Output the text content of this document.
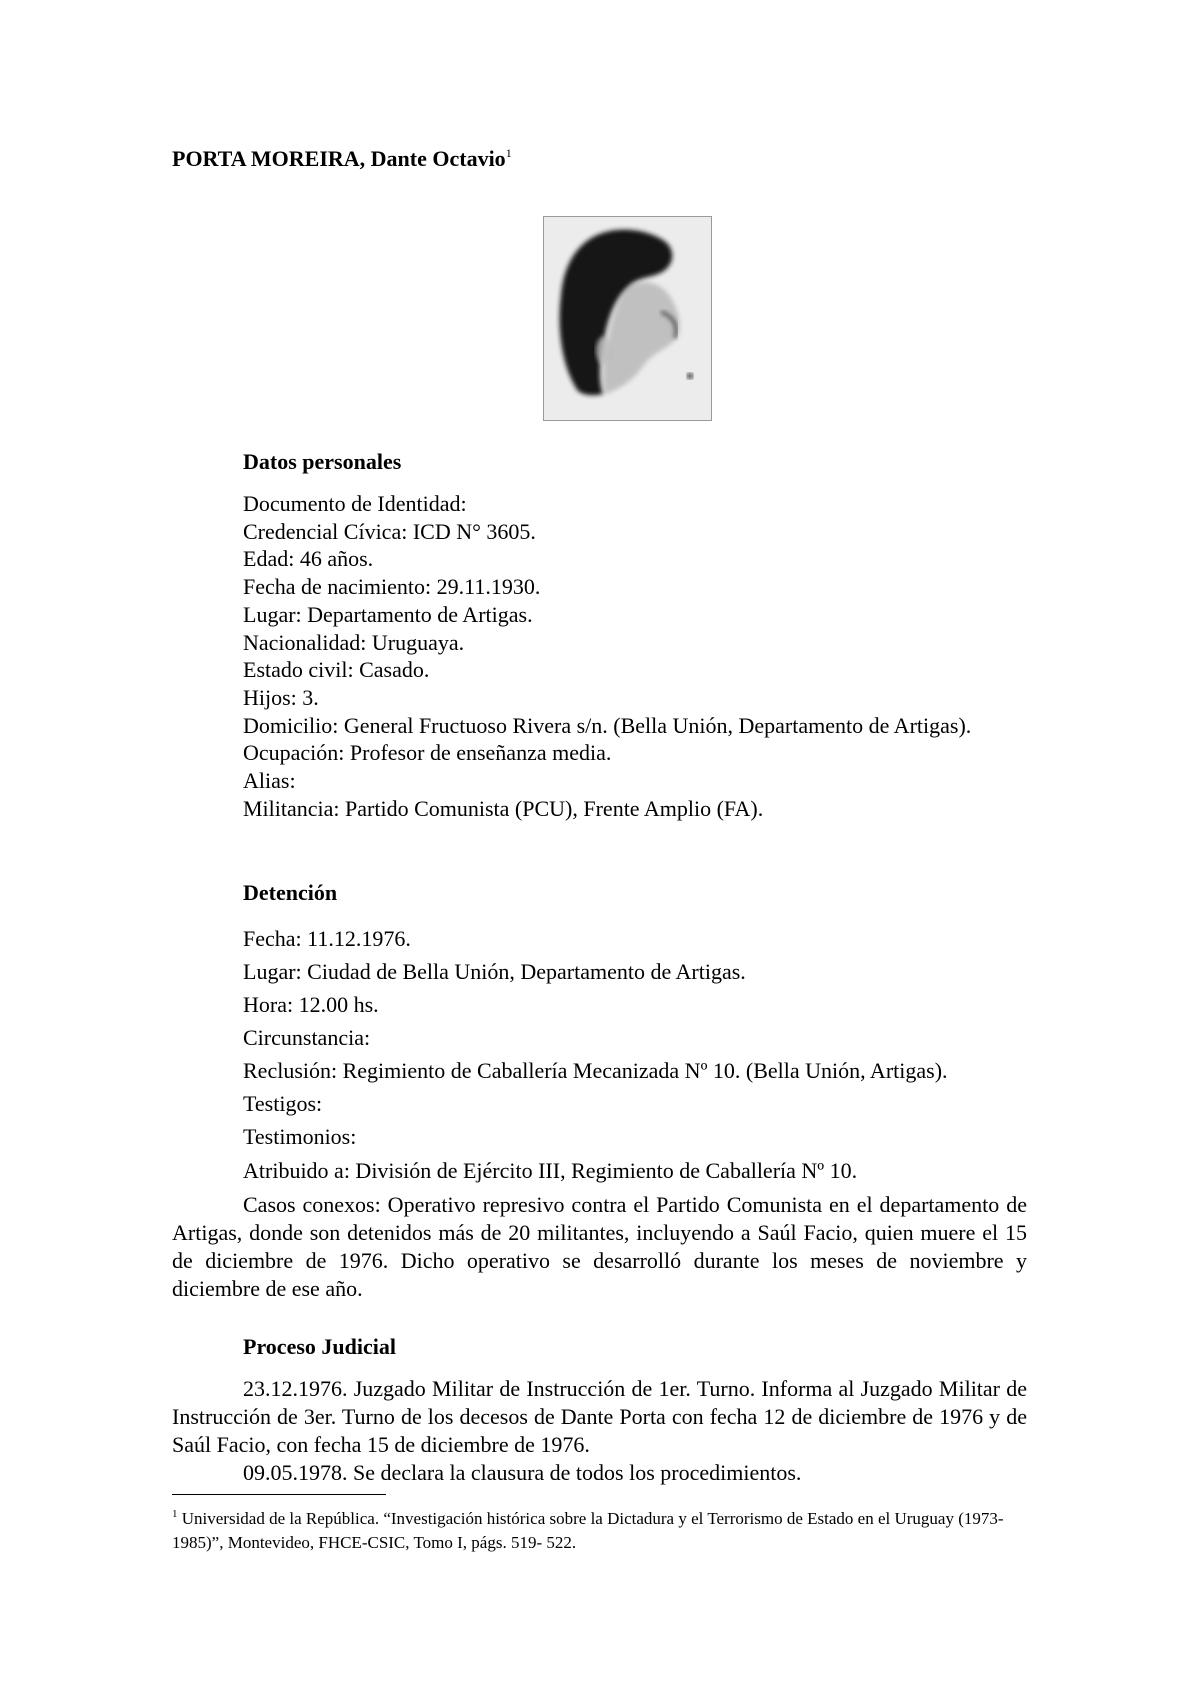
PORTA MOREIRA, Dante Octavio$^1$
Datos personales
Documento de Identidad:
Credencial Cívica: ICD N° 3605.
Edad: 46 años.
Fecha de nacimiento: 29.11.1930.
Lugar: Departamento de Artigas.
Nacionalidad: Uruguaya.
Estado civil: Casado.
Hijos: 3.
Domicilio: General Fructuoso Rivera s/n. (Bella Unión, Departamento de Artigas).
Ocupación: Profesor de enseñanza media.
Alias:
Militancia: Partido Comunista (PCU), Frente Amplio (FA).
Detención
Fecha: 11.12.1976.
Lugar: Ciudad de Bella Unión, Departamento de Artigas.
Hora: 12.00 hs.
Circunstancia:
Reclusión: Regimiento de Caballería Mecanizada Nº 10. (Bella Unión, Artigas).
Testigos:
Testimonios:
Atribuido a: División de Ejército III, Regimiento de Caballería Nº 10.
Casos conexos: Operativo represivo contra el Partido Comunista en el departamento de Artigas, donde son detenidos más de 20 militantes, incluyendo a Saúl Facio, quien muere el 15 de diciembre de 1976. Dicho operativo se desarrolló durante los meses de noviembre y diciembre de ese año.
Proceso Judicial
23.12.1976. Juzgado Militar de Instrucción de 1er. Turno. Informa al Juzgado Militar de Instrucción de 3er. Turno de los decesos de Dante Porta con fecha 12 de diciembre de 1976 y de Saúl Facio, con fecha 15 de diciembre de 1976.
09.05.1978. Se declara la clausura de todos los procedimientos.
$^1$ Universidad de la República. “Investigación histórica sobre la Dictadura y el Terrorismo de Estado en el Uruguay (1973-1985)”, Montevideo, FHCE-CSIC, Tomo I, págs. 519- 522.
